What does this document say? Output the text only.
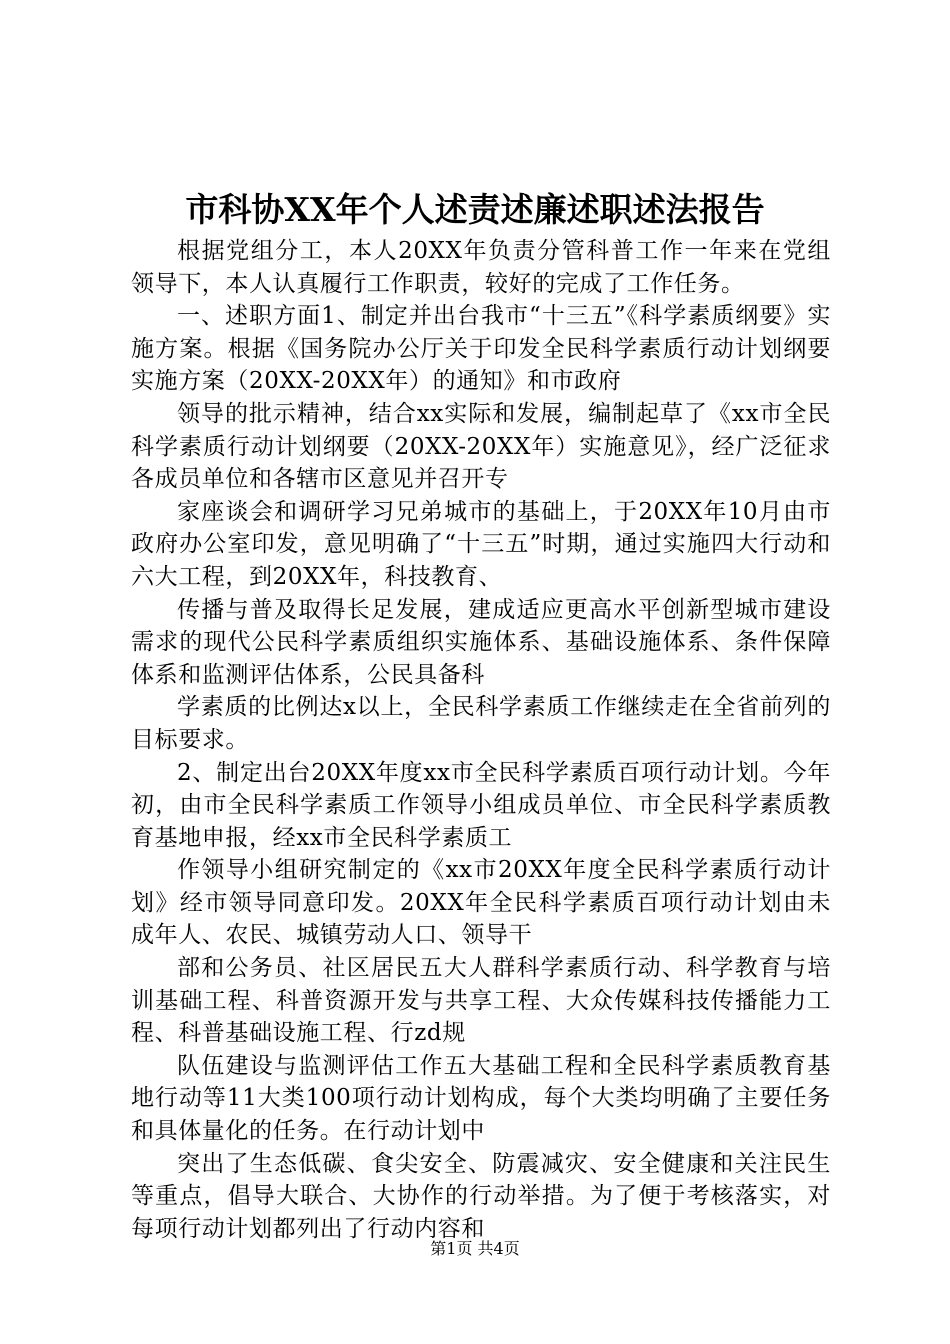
市科协XX年个人述责述廉述职述法报告

根据党组分工，本人20XX年负责分管科普工作一年来在党组领导下，本人认真履行工作职责，较好的完成了工作任务。

一、述职方面1、制定并出台我市“十三五”《科学素质纲要》实施方案。根据《国务院办公厅关于印发全民科学素质行动计划纲要实施方案（20XX-20XX年）的通知》和市政府

领导的批示精神，结合xx实际和发展，编制起草了《xx市全民科学素质行动计划纲要（20XX-20XX年）实施意见》，经广泛征求各成员单位和各辖市区意见并召开专

家座谈会和调研学习兄弟城市的基础上，于20XX年10月由市政府办公室印发，意见明确了“十三五”时期，通过实施四大行动和六大工程，到20XX年，科技教育、

传播与普及取得长足发展，建成适应更高水平创新型城市建设需求的现代公民科学素质组织实施体系、基础设施体系、条件保障体系和监测评估体系，公民具备科

学素质的比例达x以上，全民科学素质工作继续走在全省前列的目标要求。

2、制定出台20XX年度xx市全民科学素质百项行动计划。今年初，由市全民科学素质工作领导小组成员单位、市全民科学素质教育基地申报，经xx市全民科学素质工

作领导小组研究制定的《xx市20XX年度全民科学素质行动计划》经市领导同意印发。20XX年全民科学素质百项行动计划由未成年人、农民、城镇劳动人口、领导干

部和公务员、社区居民五大人群科学素质行动、科学教育与培训基础工程、科普资源开发与共享工程、大众传媒科技传播能力工程、科普基础设施工程、行zd规

队伍建设与监测评估工作五大基础工程和全民科学素质教育基地行动等11大类100项行动计划构成，每个大类均明确了主要任务和具体量化的任务。在行动计划中

突出了生态低碳、食尖安全、防震减灾、安全健康和关注民生等重点，倡导大联合、大协作的行动举措。为了便于考核落实，对每项行动计划都列出了行动内容和

第1页 共4页
